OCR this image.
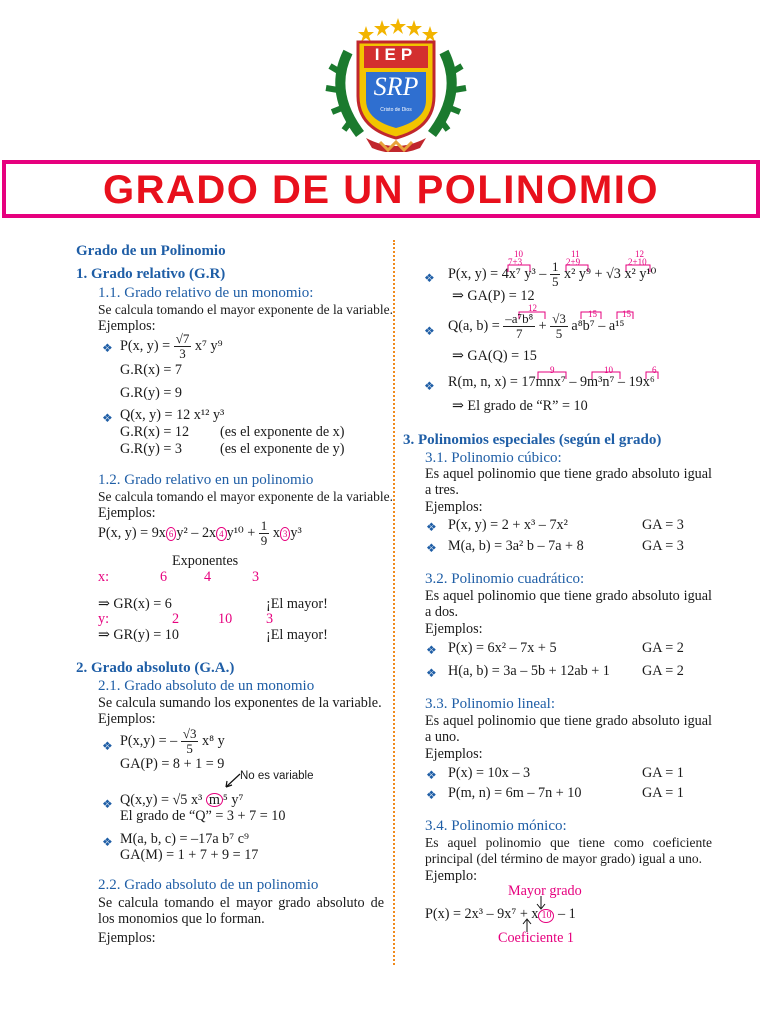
IEP
SRP
Cristo de Dios
GRADO DE UN POLINOMIO
Grado de un Polinomio
1. Grado relativo (G.R)
1.1. Grado relativo de un monomio:
Se calcula tomando el mayor exponente de la variable.
Ejemplos:
❖ P(x, $y) = \frac{√7}{3} x^7$ y⁹
G.R(x) = 7
G.R(y) = 9
❖ Q(x, y) = 12 x¹² y³
G.R(x) = 12 (es el exponente de x)
G.R(y) = 3	(es el exponente de y)
1.2. Grado relativo en un polinomio
Se calcula tomando el mayor exponente de la variable.
Ejemplos:
P(x, y) = 9x 6 y² – 2x 4 $y^{10} + \frac{1}{9}$ x 3 y³
Exponentes
x:	6	4	3
⇒ GR(x) = 6	¡El mayor!
y:	2	10 3
⇒ GR(y) = 10	¡El mayor!
2. Grado absoluto (G.A.)
2.1. Grado absoluto de un monomio
Se calcula sumando los exponentes de la variable.
Ejemplos:
❖ P(x,y) = – $\frac{√3}{5} x^8$ y
GA(P) = 8 + 1 = 9
No es variable
❖ Q(x,y) = √5 x³ m ⁵ y⁷
El grado de “Q” = 3 + 7 = 10
❖ M(a, b, c) = –17a b⁷ c⁹
GA(M) = 1 + 7 + 9 = 17
2.2. Grado absoluto de un polinomio
Se calcula tomando el mayor grado absoluto de los monomios que lo forman.
Ejemplos:
10
7+3
11
2+9
12
2+10
❖ P(x, y) = 4x⁷ $y^3 - \frac{1}{5} x^2$ y⁹ + √3 x² y¹⁰
⇒ GA(P) = 12
12
15	15
❖ Q(a, $b) = \frac{\text{–a⁷b⁸}}{7} + \frac{√3}{5} a^8b^7 - a^{15}$
⇒ GA(Q) = 15
9	10	6
❖ R(m, n, x) = 17mnx⁷ – 9m³n⁷ – 19x⁶
⇒ El grado de “R” = 10
3. Polinomios especiales (según el grado)
3.1. Polinomio cúbico:
Es aquel polinomio que tiene grado absoluto igual a tres.
Ejemplos:
❖ P(x, y) = 2 + x³ – 7x²	GA = 3
❖ M(a, b) = 3a² b – 7a + 8	GA = 3
3.2. Polinomio cuadrático:
Es aquel polinomio que tiene grado absoluto igual a dos.
Ejemplos:
❖ P(x) = 6x² – 7x + 5	GA = 2
❖ H(a, b) = 3a – 5b + 12ab + 1 GA = 2
3.3. Polinomio lineal:
Es aquel polinomio que tiene grado absoluto igual a uno.
Ejemplos:
❖ P(x) = 10x – 3	GA = 1
❖ P(m, n) = 6m – 7n + 10	GA = 1
3.4. Polinomio mónico:
Es aquel polinomio que tiene como coeficiente principal (del término de mayor grado) igual a uno.
Ejemplo:
Mayor grado
P(x) = 2x³ – 9x⁷ + x 10 – 1
Coeficiente 1
